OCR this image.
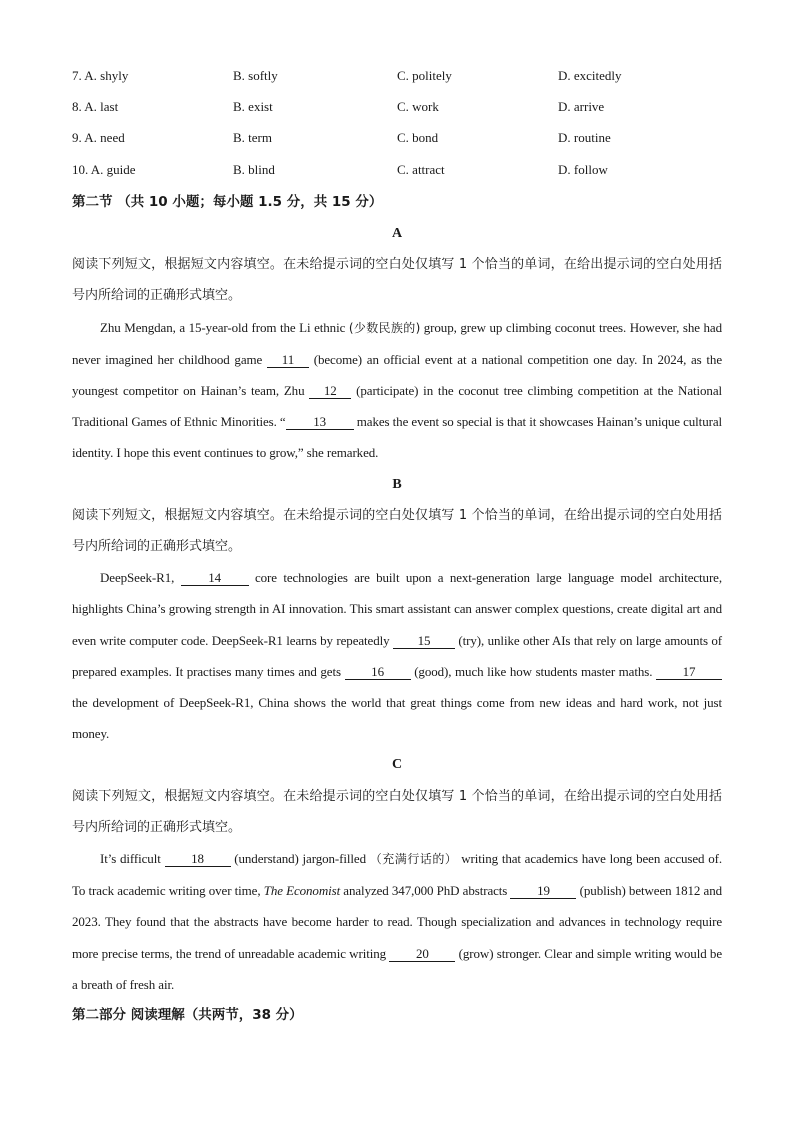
7. A. shyly	B. softly	C. politely	D. excitedly
8. A. last	B. exist	C. work	D. arrive
9. A. need	B. term	C. bond	D. routine
10. A. guide	B. blind	C. attract	D. follow
第二节 （共 10 小题；每小题 1.5 分，共 15 分）
A
阅读下列短文，根据短文内容填空。在未给提示词的空白处仅填写 1 个恰当的单词，在给出提示词的空白处用括号内所给词的正确形式填空。
Zhu Mengdan, a 15-year-old from the Li ethnic (少数民族的) group, grew up climbing coconut trees. However, she had never imagined her childhood game 11 (become) an official event at a national competition one day. In 2024, as the youngest competitor on Hainan’s team, Zhu 12 (participate) in the coconut tree climbing competition at the National Traditional Games of Ethnic Minorities. “ 13 makes the event so special is that it showcases Hainan’s unique cultural identity. I hope this event continues to grow,” she remarked.
B
阅读下列短文，根据短文内容填空。在未给提示词的空白处仅填写 1 个恰当的单词，在给出提示词的空白处用括号内所给词的正确形式填空。
DeepSeek-R1, 14 core technologies are built upon a next-generation large language model architecture, highlights China’s growing strength in AI innovation. This smart assistant can answer complex questions, create digital art and even write computer code. DeepSeek-R1 learns by repeatedly 15 (try), unlike other AIs that rely on large amounts of prepared examples. It practises many times and gets 16 (good), much like how students master maths. 17 the development of DeepSeek-R1, China shows the world that great things come from new ideas and hard work, not just money.
C
阅读下列短文，根据短文内容填空。在未给提示词的空白处仅填写 1 个恰当的单词，在给出提示词的空白处用括号内所给词的正确形式填空。
It’s difficult 18 (understand) jargon-filled （充满行话的） writing that academics have long been accused of. To track academic writing over time, The Economist analyzed 347,000 PhD abstracts 19 (publish) between 1812 and 2023. They found that the abstracts have become harder to read. Though specialization and advances in technology require more precise terms, the trend of unreadable academic writing 20 (grow) stronger. Clear and simple writing would be a breath of fresh air.
第二部分 阅读理解（共两节，38 分）
